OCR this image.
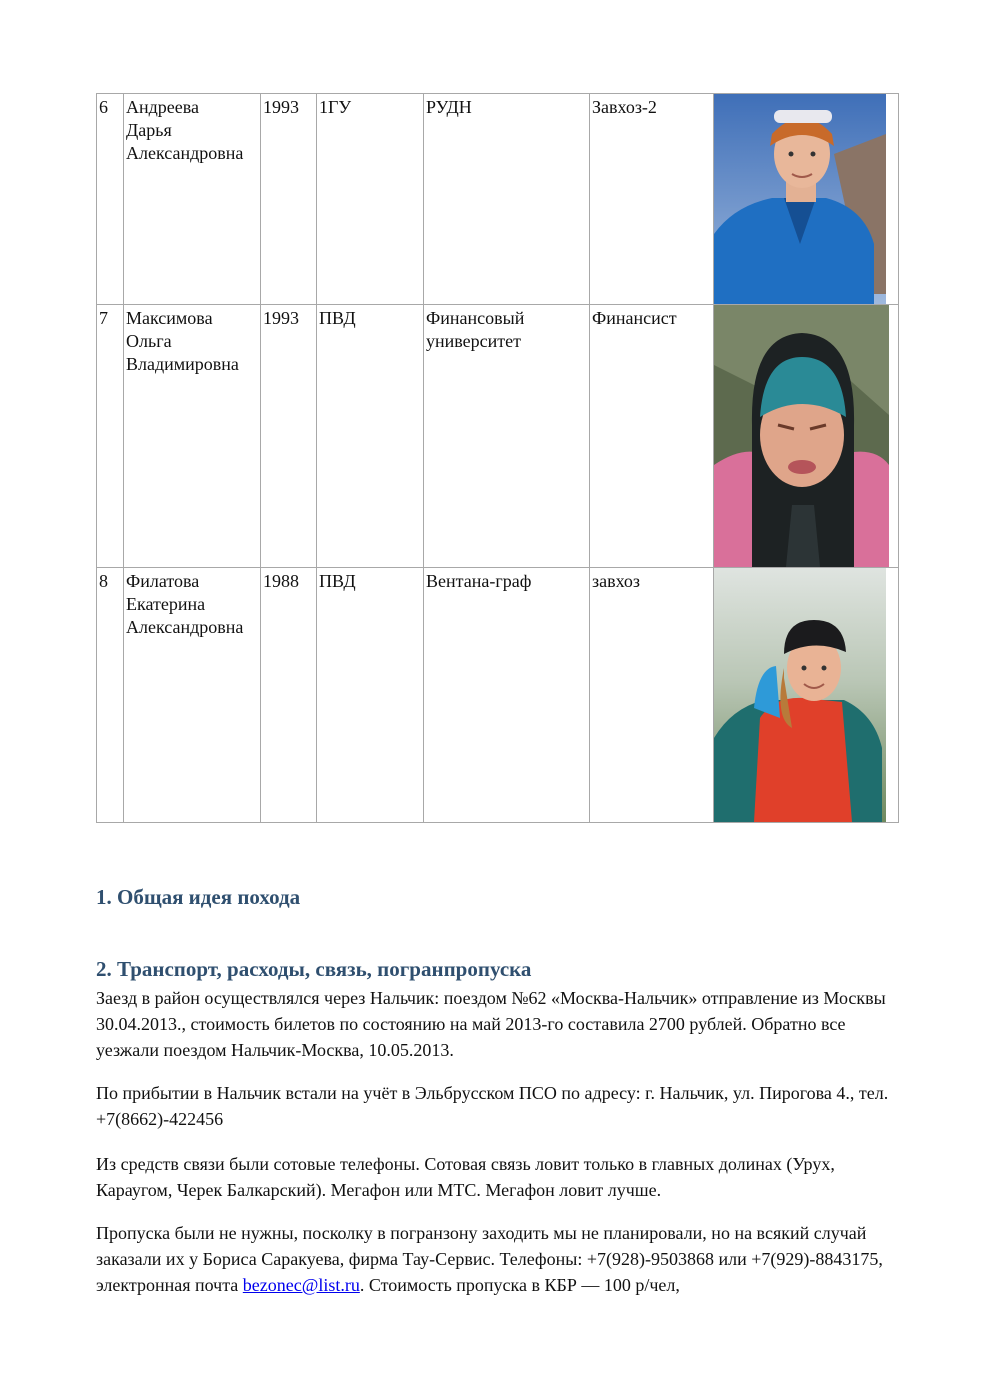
6	Андреева
Дарья
Александровна	1993	1ГУ	РУДН	Завхоз-2	

7	Максимова
Ольга
Владимировна	1993	ПВД	Финансовый университет	Финансист	

8	Филатова
Екатерина
Александровна	1988	ПВД	Вентана-граф	завхоз	
1. Общая идея похода
2. Транспорт, расходы, связь, погранпропуска

Заезд в район осуществлялся через Нальчик: поездом №62 «Москва-Нальчик» отправление из Москвы 30.04.2013., стоимость билетов по состоянию на май 2013-го составила 2700 рублей. Обратно все уезжали поездом Нальчик-Москва, 10.05.2013.

По прибытии в Нальчик встали на учёт в Эльбрусском ПСО по адресу: г. Нальчик, ул. Пирогова 4., тел. +7(8662)-422456

Из средств связи были сотовые телефоны. Сотовая связь ловит только в главных долинах (Урух, Караугом, Черек Балкарский). Мегафон или МТС. Мегафон ловит лучше.

Пропуска были не нужны, посколку в погранзону заходить мы не планировали, но на всякий случай заказали их у Бориса Саракуева, фирма Тау-Сервис. Телефоны: +7(928)-9503868 или +7(929)-8843175, электронная почта bezonec@list.ru. Стоимость пропуска в КБР — 100 р/чел,
